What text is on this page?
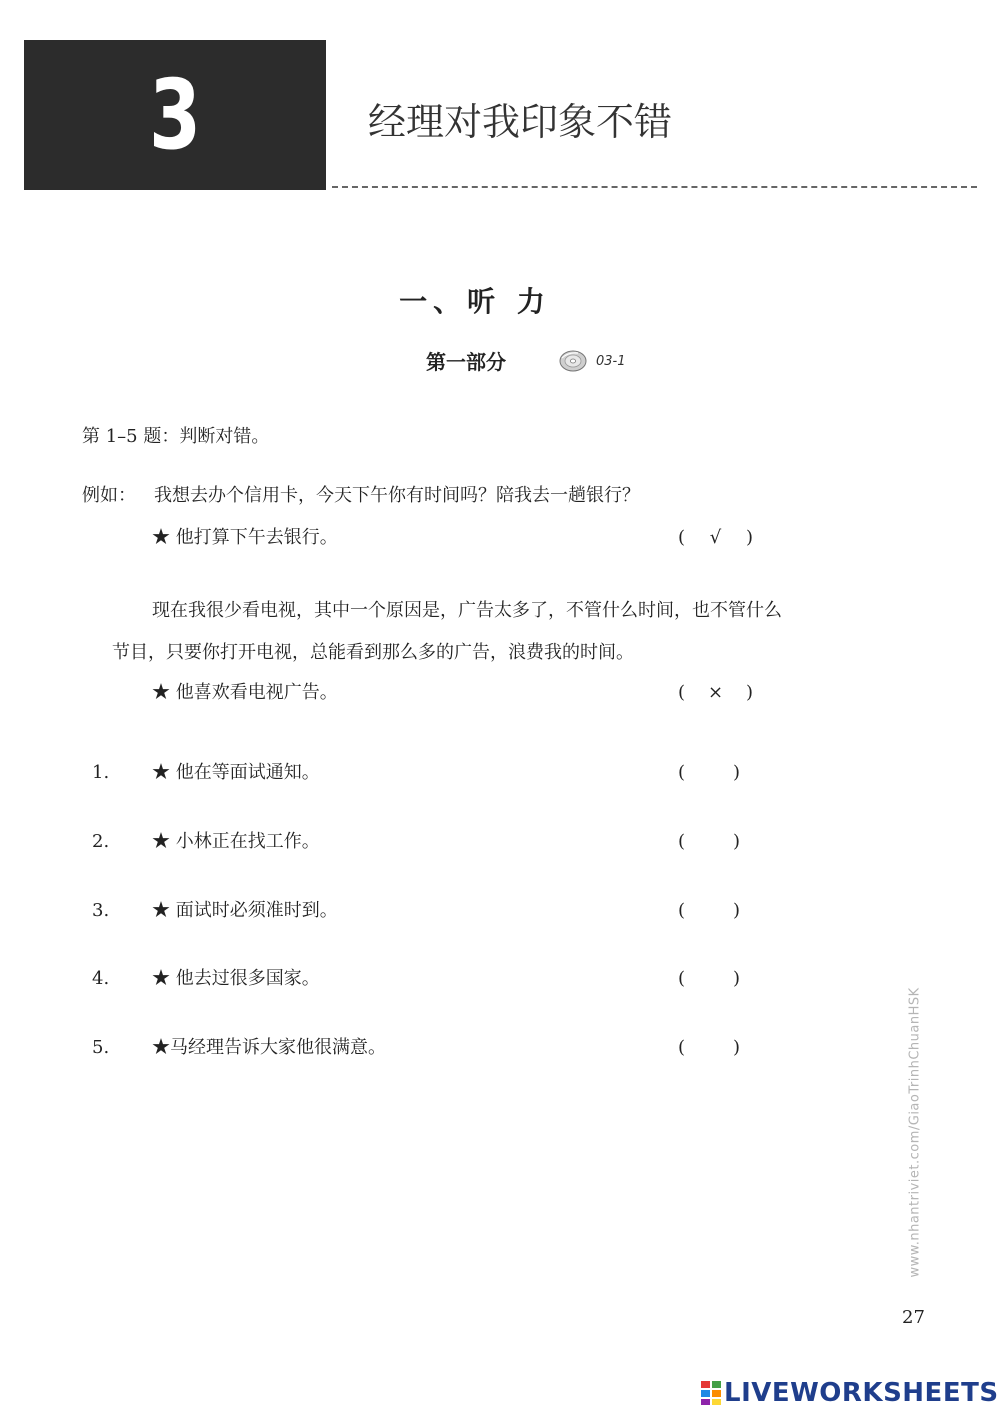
3	经理对我印象不错
一、听 力
第一部分	03-1
第 1–5 题：判断对错。
例如： 我想去办个信用卡，今天下午你有时间吗？陪我去一趟银行？
★ 他打算下午去银行。	( √ )
现在我很少看电视，其中一个原因是，广告太多了，不管什么时间，也不管什么
节目，只要你打开电视，总能看到那么多的广告，浪费我的时间。
★ 他喜欢看电视广告。	( × )
1. ★ 他在等面试通知。	(	)
2. ★ 小林正在找工作。	(	)
3. ★ 面试时必须准时到。	(	)
4. ★ 他去过很多国家。	(	)
5. ★马经理告诉大家他很满意。	(	)	www.nhantriviet.com/GiaoTrinhChuanHSK
27
LIVEWORKSHEETS
